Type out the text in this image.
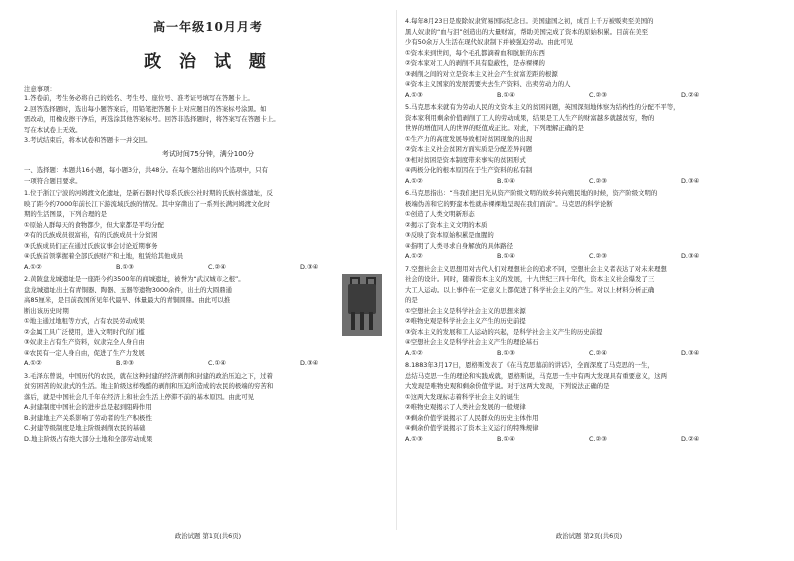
高一年级10月月考
政 治 试 题
注意事项：

1.答卷前，考生务必将自己的姓名、考生号、座位号、准考证号填写在答题卡上。

2.回答选择题时，选出每小题答案后，用铅笔把答题卡上对应题目的答案标号涂黑。如

需改动，用橡皮擦干净后，再选涂其他答案标号。回答非选择题时，将答案写在答题卡上。

写在本试卷上无效。

3.考试结束后，将本试卷和答题卡一并交回。

考试时间75分钟，满分100分

一、选择题：本题共16小题，每小题3分，共48分。在每个题给出的四个选项中，只有

一项符合题目要求。

1.位于浙江宁波的河姆渡文化遗址，是新石器时代母系氏族公社时期的氏族村落遗址，反

映了距今约7000年前长江下游流域氏族的情况。其中穿凿出了一系列长满河姆渡文化时

期的生活图景，下列合理的是

①原始人群每天的食物都少，但大家都是平均分配

②有的氏族成员很富裕，有的氏族成员十分贫困

③氏族成员们正在通过氏族议事会讨论近期事务

④氏族首领掌握着全部氏族财产和土地，租赁给其他成员

A.①②	B.①③	C.②④	D.③④

2.黄陂盘龙城遗址是一座距今约3500年的商城遗址，被誉为“武汉城市之根”。

盘龙城遗址出土有青铜器、陶器、玉器等遗物3000余件，出土的大圆鼎通

高85厘米，是目前我国所见年代最早、体量最大的青铜圆鼎。由此可以推

断出该历史时期

①地主通过地租等方式，占有农民劳动成果

②金属工具广泛使用，进入文明时代的门槛

③奴隶主占有生产资料，奴隶完全人身自由

④农民有一定人身自由，促进了生产力发展

A.①②	B.②③	C.①④	D.③④

3.毛泽东曾说，中国历代的农民，就在这种封建的经济剥削和封建的政治压迫之下，过着

贫穷困苦的奴隶式的生活。地主阶级这样残酷的剥削和压迫所造成的农民的极端的穷苦和

落后，就是中国社会几千年在经济上和社会生活上停滞不前的基本原因。由此可见

A.封建制度中国社会的进步总是起到阻碍作用

B.封建地主产关系影响了劳动者的生产积极性

C.封建等级制度是地主阶级剥削农民的基础

D.地主阶级占有绝大部分土地和全部劳动成果

政治试题 第1页(共6页)

4.每年8月23日是废除奴隶贸易国际纪念日。美国建国之初，成百上千万被贩卖至美国的

黑人奴隶的“血与泪”创造出的大量财富，帮助美国完成了资本的原始积累。目前在美至

少有50余万人生活在现代奴隶制下并被强迫劳动。由此可见

①资本来到世间，每个毛孔都滴着血和肮脏的东西

②资本家对工人的剥削不具有隐蔽性，是赤裸裸的

③剥削之间的对立是资本主义社会产生贫富差距的根源

④资本主义国家的发展需要夫去生产资料、出卖劳动力的人

A.①③	B.①④	C.②③	D.②④

5.马克思本来就有为劳动人民的文资本主义的贫困问题，英国深刻地体察为结构性的分配不平等，

资本家利用剩余价值剥削了工人的劳动成果，结果是工人生产的财富越多就越贫穷，物的

世界的增值同人的世界的贬值成正比。对此，下列理解正确的是

①生产力的高度发展导致相对贫困现象的出现

②资本主义社会贫困方面实质是分配差异问题

③相对贫困是资本制度带来事实的贫困形式

④两极分化的根本原因在于生产资料的私有制

A.①②	B.①④	C.②③	D.③④

6.马克思指出：“当我们把目光从资产阶级文明的故乡转向殖民地的时候，资产阶级文明的

极端伪善和它的野蛮本性就赤裸裸地呈现在我们面前”。马克思的科学论断

①创造了人类文明新形态

②揭示了资本主义文明的本质

③反映了资本原始积累是血腥的

④指明了人类寻求自身解放的具体路径

A.①②	B.①④	C.②③	D.③④

7.空想社会主义思想用对古代人们对理想社会的追求不同，空想社会主义者表达了对未来理想

社会的设计。同时，随着资本主义的发展，十九世纪三四十年代，资本主义社会爆发了三

大工人运动。以上事件在一定意义上都促进了科学社会主义的产生。对以上材料分析正确

的是

①空想社会主义是科学社会主义的思想来源

②唯物史观是科学社会主义产生的历史前提

③资本主义的发展和工人运动的兴起，是科学社会主义产生的历史前提

④空想社会主义是科学社会主义产生的理论基石

A.①②	B.①③	C.②④	D.③④

8.1883年3月17日，恩格斯发表了《在马克思墓前的讲话》，全面深度了马克思的一生，

总结马克思一生的理论和实践成就，恩格斯说，马克思一生中有两大发现具有重要意义，这两

大发现是唯物史观和剩余价值学说。对于这两大发现，下列说法正确的是

①这两大发现标志着科学社会主义的诞生

②唯物史观揭示了人类社会发展的一般规律

③剩余价值学说揭示了人民群众的历史主体作用

④剩余价值学说揭示了资本主义运行的特殊规律

A.①③	B.①④	C.②③	D.②④
政治试题 第2页(共6页)
